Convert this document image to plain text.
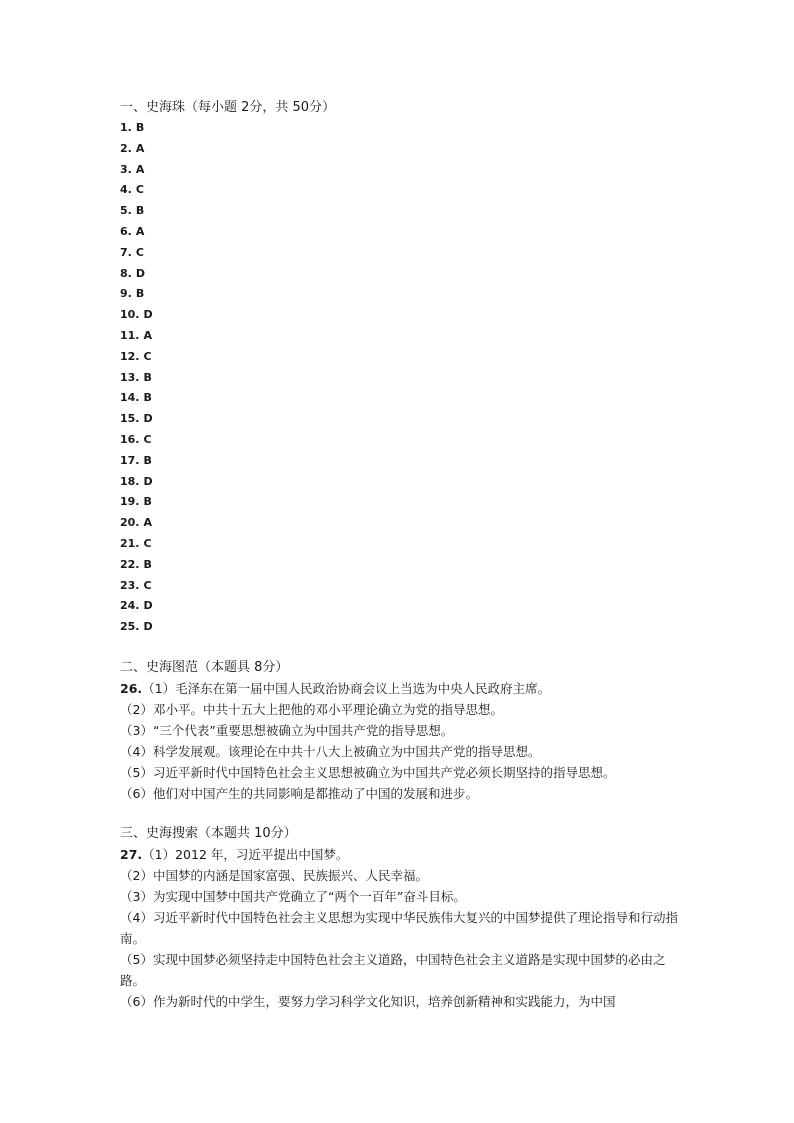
一、史海珠（每小题 2分，共 50分）
1. B
2. A
3. A
4. C
5. B
6. A
7. C
8. D
9. B
10. D
11. A
12. C
13. B
14. B
15. D
16. C
17. B
18. D
19. B
20. A
21. C
22. B
23. C
24. D
25. D
二、史海图范（本题具 8分）
26.（1）毛泽东在第一届中国人民政治协商会议上当选为中央人民政府主席。
（2）邓小平。中共十五大上把他的邓小平理论确立为党的指导思想。
（3）“三个代表”重要思想被确立为中国共产党的指导思想。
（4）科学发展观。该理论在中共十八大上被确立为中国共产党的指导思想。
（5）习近平新时代中国特色社会主义思想被确立为中国共产党必须长期坚持的指导思想。
（6）他们对中国产生的共同影响是都推动了中国的发展和进步。
三、史海搜索（本题共 10分）
27.（1）2012 年，习近平提出中国梦。
（2）中国梦的内涵是国家富强、民族振兴、人民幸福。
（3）为实现中国梦中国共产党确立了“两个一百年”奋斗目标。
（4）习近平新时代中国特色社会主义思想为实现中华民族伟大复兴的中国梦提供了理论指导和行动指南。
（5）实现中国梦必须坚持走中国特色社会主义道路，中国特色社会主义道路是实现中国梦的必由之路。
（6）作为新时代的中学生，要努力学习科学文化知识，培养创新精神和实践能力，为中国
